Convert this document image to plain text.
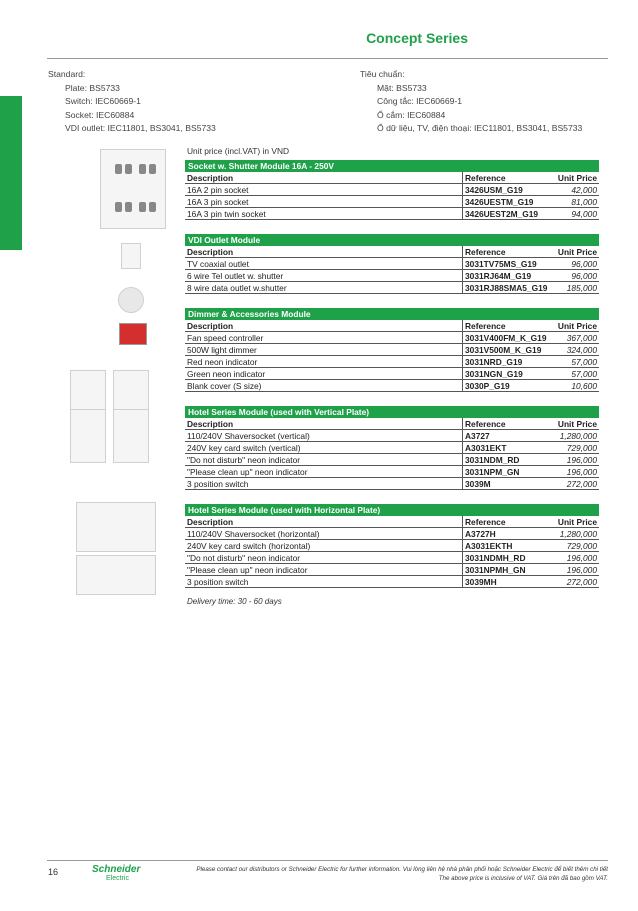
Concept Series
Standard:
Plate: BS5733
Switch: IEC60669-1
Socket: IEC60884
VDI outlet: IEC11801, BS3041, BS5733
Tiêu chuẩn:
Mặt: BS5733
Công tắc: IEC60669-1
Ổ cắm: IEC60884
Ổ dữ liệu, TV, điện thoại: IEC11801, BS3041, BS5733
Unit price (incl.VAT) in VND
Socket w. Shutter Module 16A - 250V
Description	Reference	Unit Price
16A 2 pin socket	3426USM_G19	42,000
16A 3 pin socket	3426UESTM_G19	81,000
16A 3 pin twin socket	3426UEST2M_G19	94,000
VDI Outlet Module
Description	Reference	Unit Price
TV coaxial outlet	3031TV75MS_G19	96,000
6 wire Tel outlet w. shutter	3031RJ64M_G19	96,000
8 wire data outlet w.shutter	3031RJ88SMA5_G19	185,000
Dimmer & Accessories Module
Description	Reference	Unit Price
Fan speed controller	3031V400FM_K_G19	367,000
500W light dimmer	3031V500M_K_G19	324,000
Red neon indicator	3031NRD_G19	57,000
Green neon indicator	3031NGN_G19	57,000
Blank cover (S size)	3030P_G19	10,600
Hotel Series Module (used with Vertical Plate)
Description	Reference	Unit Price
110/240V Shaversocket (vertical)	A3727	1,280,000
240V key card switch (vertical)	A3031EKT	729,000
"Do not disturb" neon indicator	3031NDM_RD	196,000
"Please clean up" neon indicator	3031NPM_GN	196,000
3 position switch	3039M	272,000
Hotel Series Module (used with Horizontal Plate)
Description	Reference	Unit Price
110/240V Shaversocket (horizontal)	A3727H	1,280,000
240V key card switch (horizontal)	A3031EKTH	729,000
"Do not disturb" neon indicator	3031NDMH_RD	196,000
"Please clean up" neon indicator	3031NPMH_GN	196,000
3 position switch	3039MH	272,000
Delivery time: 30 - 60 days
16	Schneider
Electric
Please contact our distributors or Schneider Electric for further information. Vui lòng liên hệ nhà phân phối hoặc Schneider Electric để biết thêm chi tiết
The above price is inclusive of VAT. Giá trên đã bao gồm VAT.
